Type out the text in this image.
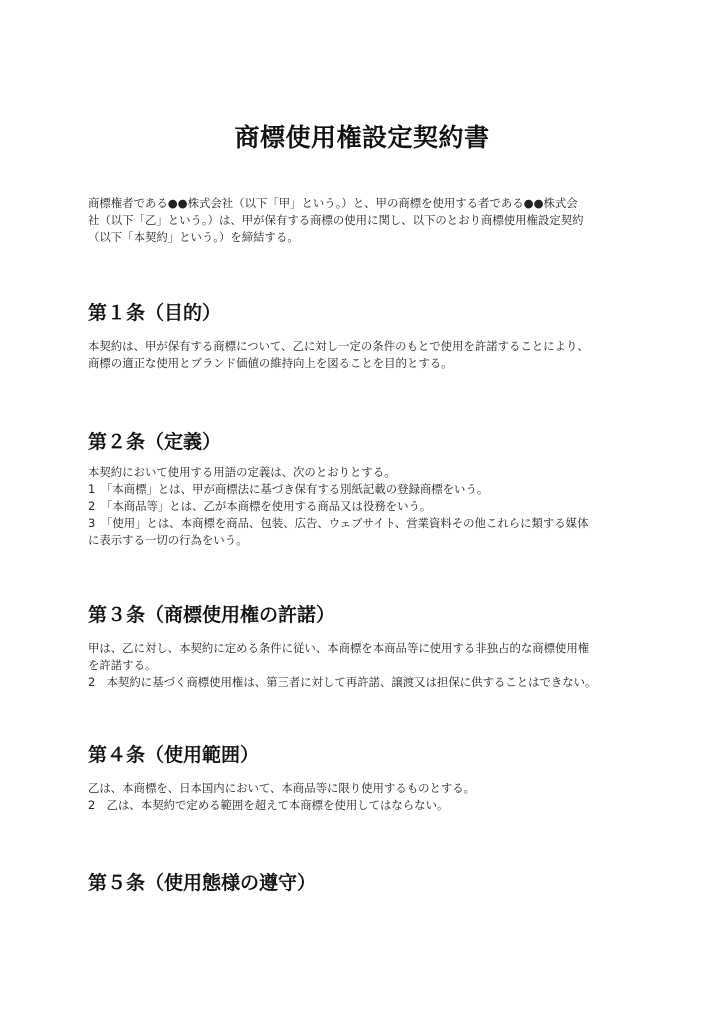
商標使用権設定契約書
商標権者である●●株式会社（以下「甲」という。）と、甲の商標を使用する者である●●株式会
社（以下「乙」という。）は、甲が保有する商標の使用に関し、以下のとおり商標使用権設定契約
（以下「本契約」という。）を締結する。
第１条（目的）
本契約は、甲が保有する商標について、乙に対し一定の条件のもとで使用を許諾することにより、
商標の適正な使用とブランド価値の維持向上を図ることを目的とする。
第２条（定義）
本契約において使用する用語の定義は、次のとおりとする。
1　「本商標」とは、甲が商標法に基づき保有する別紙記載の登録商標をいう。
2　「本商品等」とは、乙が本商標を使用する商品又は役務をいう。
3　「使用」とは、本商標を商品、包装、広告、ウェブサイト、営業資料その他これらに類する媒体
に表示する一切の行為をいう。
第３条（商標使用権の許諾）
甲は、乙に対し、本契約に定める条件に従い、本商標を本商品等に使用する非独占的な商標使用権
を許諾する。
2　本契約に基づく商標使用権は、第三者に対して再許諾、譲渡又は担保に供することはできない。
第４条（使用範囲）
乙は、本商標を、日本国内において、本商品等に限り使用するものとする。
2　乙は、本契約で定める範囲を超えて本商標を使用してはならない。
第５条（使用態様の遵守）
